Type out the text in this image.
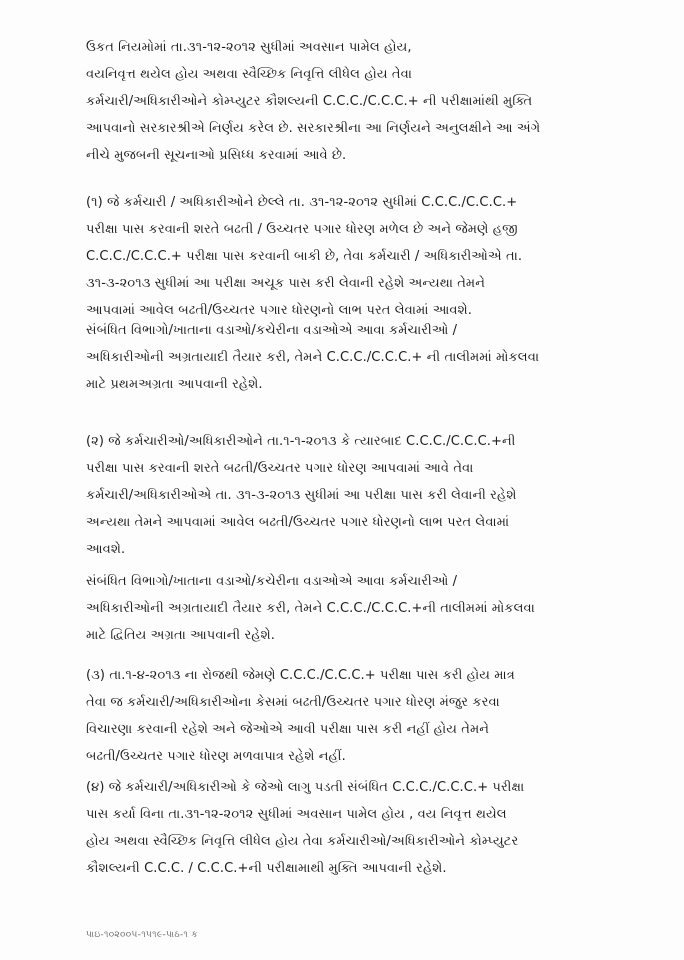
ઉકત નિયમોમાં તા.૩૧-૧૨-૨૦૧૨ સુધીમાં અવસાન પામેલ હોય,
વયનિવૃત્ત થયેલ હોય અથવા સ્વૈચ્છિક નિવૃત્તિ લીધેલ હોય તેવા
કર્મચારી/અધિકારીઓને કોમ્પ્યુટર કૌશલ્યની C.C.C./C.C.C.+ ની પરીક્ષામાંથી મુક્તિ
આપવાનો સરકારશ્રીએ નિર્ણય કરેલ છે. સરકારશ્રીના આ નિર્ણયને અનુલક્ષીને આ અંગે
નીચે મુજબની સૂચનાઓ પ્રસિધ્ધ કરવામાં આવે છે.
(૧) જે કર્મચારી / અધિકારીઓને છેલ્લે તા. ૩૧-૧૨-૨૦૧૨ સુધીમાં C.C.C./C.C.C.+
પરીક્ષા પાસ કરવાની શરતે બઢતી / ઉચ્ચતર પગાર ધોરણ મળેલ છે અને જેમણે હજી
C.C.C./C.C.C.+ પરીક્ષા પાસ કરવાની બાકી છે, તેવા કર્મચારી / અધિકારીઓએ તા.
૩૧-૩-૨૦૧૩ સુધીમાં આ પરીક્ષા અચૂક પાસ કરી લેવાની રહેશે અન્યથા તેમને
આપવામાં આવેલ બઢતી/ઉચ્ચતર પગાર ધોરણનો લાભ પરત લેવામાં આવશે.
સંબંધિત વિભાગો/ખાતાના વડાઓ/કચેરીના વડાઓએ આવા કર્મચારીઓ /
અધિકારીઓની અગ્રતાયાદી તૈયાર કરી, તેમને C.C.C./C.C.C.+ ની તાલીમમાં મોકલવા
માટે પ્રથમઅગ્રતા આપવાની રહેશે.
(૨) જે કર્મચારીઓ/અધિકારીઓને તા.૧-૧-૨૦૧૩ કે ત્યારબાદ C.C.C./C.C.C.+ની
પરીક્ષા પાસ કરવાની શરતે બઢતી/ઉચ્ચતર પગાર ધોરણ આપવામાં આવે તેવા
કર્મચારી/અધિકારીઓએ તા. ૩૧-૩-૨૦૧૩ સુધીમાં આ પરીક્ષા પાસ કરી લેવાની રહેશે
અન્યથા તેમને આપવામાં આવેલ બઢતી/ઉચ્ચતર પગાર ધોરણનો લાભ પરત લેવામાં
આવશે.
સંબંધિત વિભાગો/ખાતાના વડાઓ/કચેરીના વડાઓએ આવા કર્મચારીઓ /
અધિકારીઓની અગ્રતાયાદી તૈયાર કરી, તેમને C.C.C./C.C.C.+ની તાલીમમાં મોકલવા
માટે દ્વિતિય અગ્રતા આપવાની રહેશે.
(૩) તા.૧-૪-૨૦૧૩ ના રોજથી જેમણે C.C.C./C.C.C.+ પરીક્ષા પાસ કરી હોય માત્ર
તેવા જ કર્મચારી/અધિકારીઓના કેસમાં બઢતી/ઉચ્ચતર પગાર ધોરણ મંજુર કરવા
વિચારણા કરવાની રહેશે અને જેઓએ આવી પરીક્ષા પાસ કરી નહીં હોય તેમને
બઢતી/ઉચ્ચતર પગાર ધોરણ મળવાપાત્ર રહેશે નહીં.
(૪) જે કર્મચારી/અધિકારીઓ કે જેઓ લાગુ પડતી સંબંધિત C.C.C./C.C.C.+ પરીક્ષા
પાસ કર્યા વિના તા.૩૧-૧૨-૨૦૧૨ સુધીમાં અવસાન પામેલ હોય , વય નિવૃત્ત થયેલ
હોય અથવા સ્વૈચ્છિક નિવૃત્તિ લીધેલ હોય તેવા કર્મચારીઓ/અધિકારીઓને કોમ્પ્યુટર
કૌશલ્યની C.C.C. / C.C.C.+ની પરીક્ષામાથી મુક્તિ આપવાની રહેશે.
પાઇ-૧૦૨૦૦૫-૧૫૧૯-પાઠ-૧ ક
